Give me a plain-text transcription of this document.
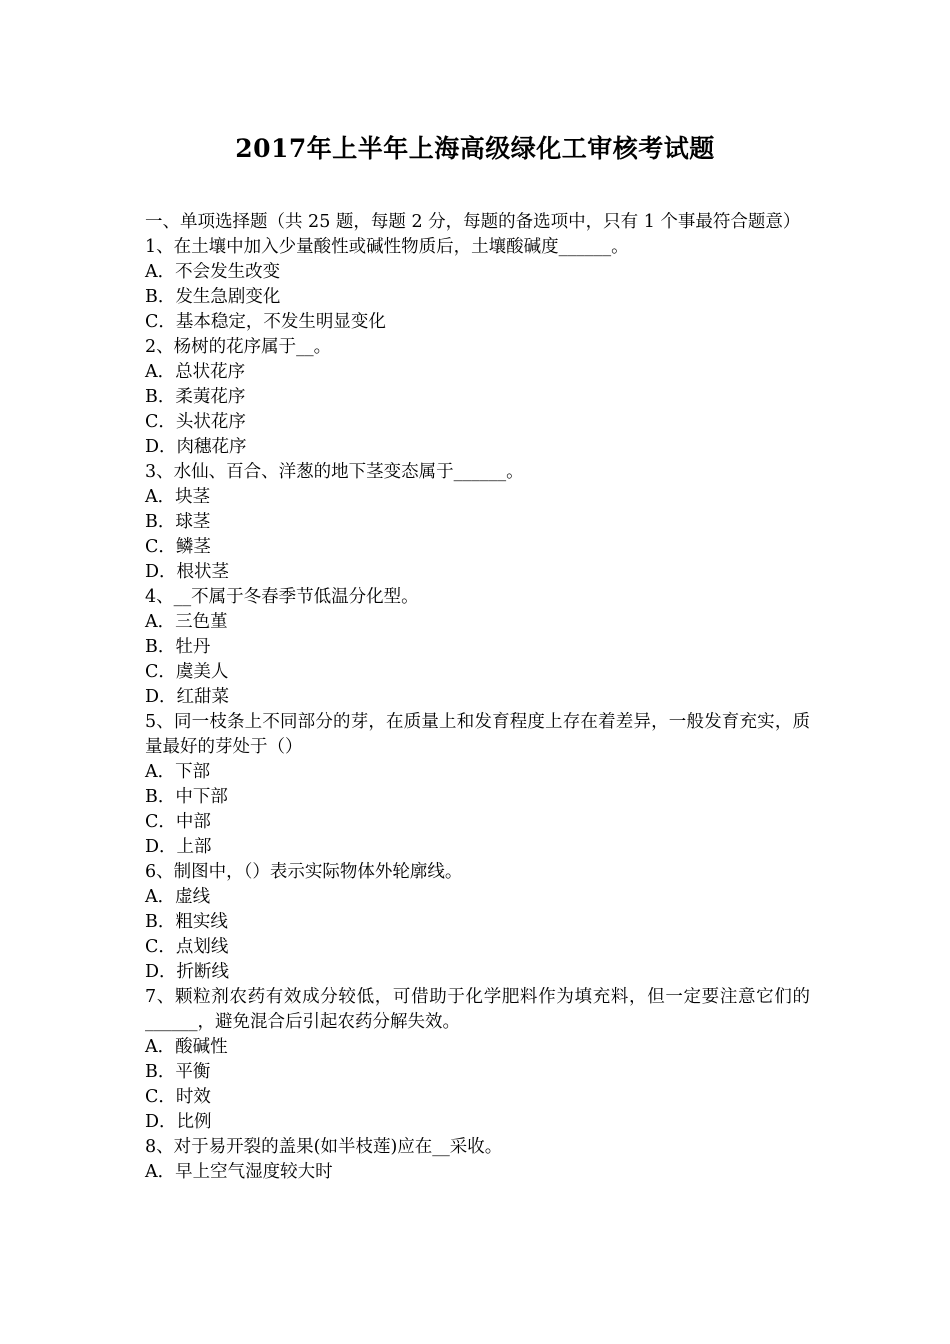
2017年上半年上海高级绿化工审核考试题
一、单项选择题（共 25 题，每题 2 分，每题的备选项中，只有 1 个事最符合题意）
1、在土壤中加入少量酸性或碱性物质后，土壤酸碱度______。
A．不会发生改变
B．发生急剧变化
C．基本稳定，不发生明显变化
2、杨树的花序属于__。
A．总状花序
B．柔荑花序
C．头状花序
D．肉穗花序
3、水仙、百合、洋葱的地下茎变态属于______。
A．块茎
B．球茎
C．鳞茎
D．根状茎
4、__不属于冬春季节低温分化型。
A．三色堇
B．牡丹
C．虞美人
D．红甜菜
5、同一枝条上不同部分的芽，在质量上和发育程度上存在着差异，一般发育充实，质量最好的芽处于（）
A．下部
B．中下部
C．中部
D．上部
6、制图中，（）表示实际物体外轮廓线。
A．虚线
B．粗实线
C．点划线
D．折断线
7、颗粒剂农药有效成分较低，可借助于化学肥料作为填充料，但一定要注意它们的______，避免混合后引起农药分解失效。
A．酸碱性
B．平衡
C．时效
D．比例
8、对于易开裂的盖果(如半枝莲)应在__采收。
A．早上空气湿度较大时
